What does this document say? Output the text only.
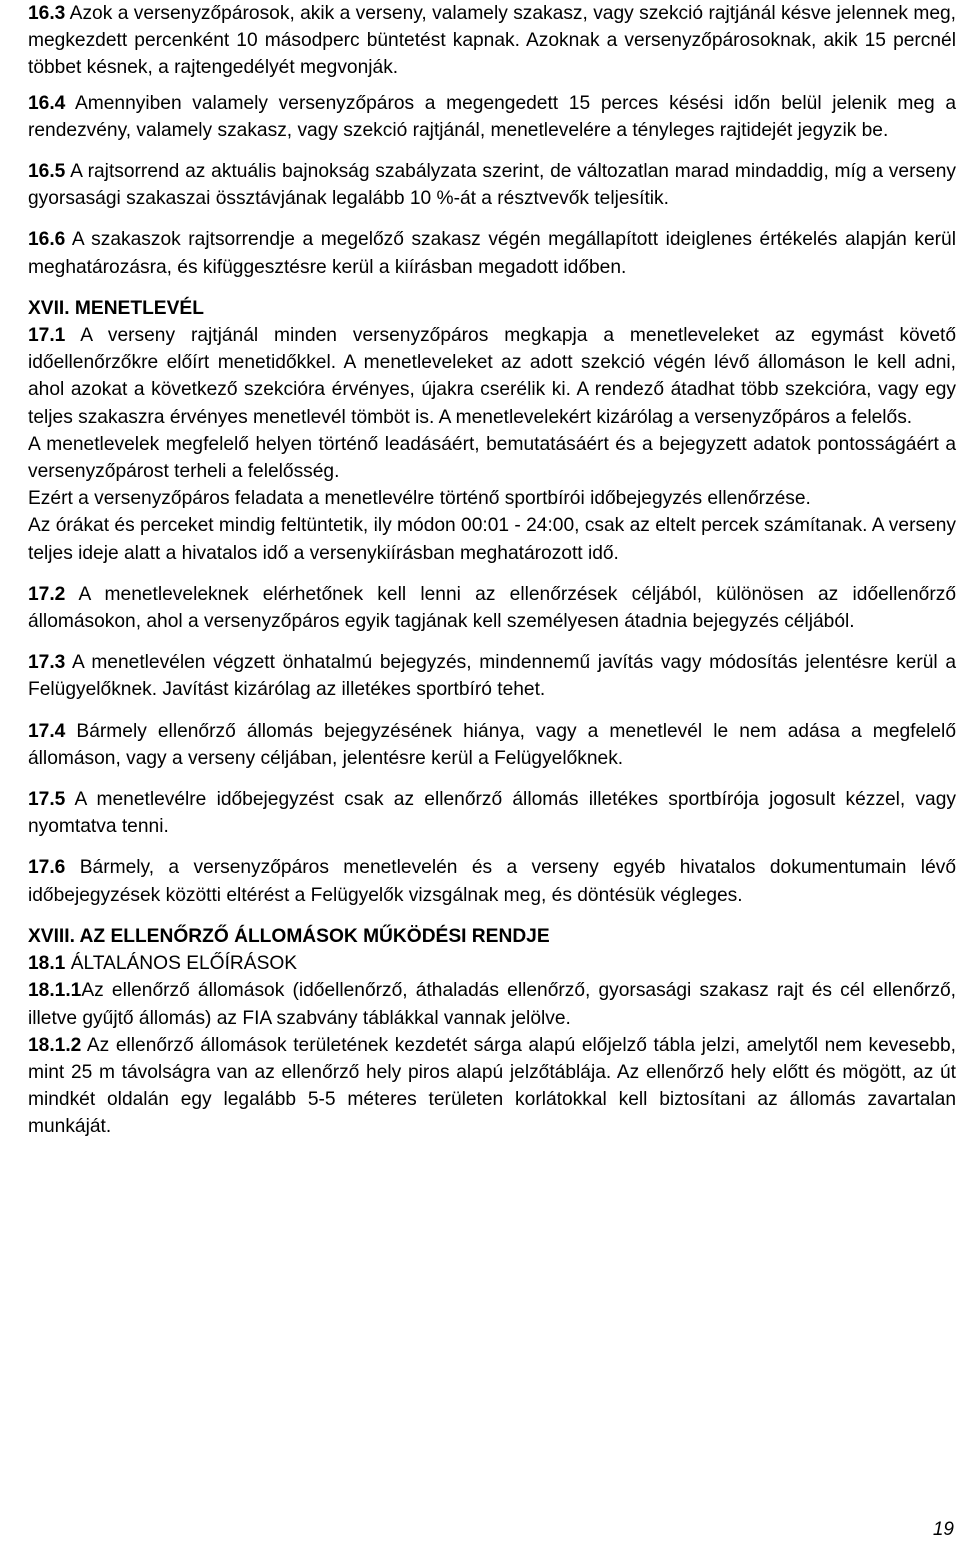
16.3 Azok a versenyzőpárosok, akik a verseny, valamely szakasz, vagy szekció rajtjánál késve jelennek meg, megkezdett percenként 10 másodperc büntetést kapnak. Azoknak a versenyzőpárosoknak, akik 15 percnél többet késnek, a rajtengedélyét megvonják.

16.4 Amennyiben valamely versenyzőpáros a megengedett 15 perces késési időn belül jelenik meg a rendezvény, valamely szakasz, vagy szekció rajtjánál, menetlevelére a tényleges rajtidejét jegyzik be.

16.5 A rajtsorrend az aktuális bajnokság szabályzata szerint, de változatlan marad mindaddig, míg a verseny gyorsasági szakaszai össztávjának legalább 10 %-át a résztvevők teljesítik.

16.6 A szakaszok rajtsorrendje a megelőző szakasz végén megállapított ideiglenes értékelés alapján kerül meghatározásra, és kifüggesztésre kerül a kiírásban megadott időben.

XVII. MENETLEVÉL

17.1 A verseny rajtjánál minden versenyzőpáros megkapja a menetleveleket az egymást követő időellenőrzőkre előírt menetidőkkel. A menetleveleket az adott szekció végén lévő állomáson le kell adni, ahol azokat a következő szekcióra érvényes, újakra cserélik ki. A rendező átadhat több szekcióra, vagy egy teljes szakaszra érvényes menetlevél tömböt is. A menetlevelekért kizárólag a versenyzőpáros a felelős.

A menetlevelek megfelelő helyen történő leadásáért, bemutatásáért és a bejegyzett adatok pontosságáért a versenyzőpárost terheli a felelősség.

Ezért a versenyzőpáros feladata a menetlevélre történő sportbírói időbejegyzés ellenőrzése.

Az órákat és perceket mindig feltüntetik, ily módon 00:01 - 24:00, csak az eltelt percek számítanak. A verseny teljes ideje alatt a hivatalos idő a versenykiírásban meghatározott idő.

17.2 A menetleveleknek elérhetőnek kell lenni az ellenőrzések céljából, különösen az időellenőrző állomásokon, ahol a versenyzőpáros egyik tagjának kell személyesen átadnia bejegyzés céljából.

17.3 A menetlevélen végzett önhatalmú bejegyzés, mindennemű javítás vagy módosítás jelentésre kerül a Felügyelőknek. Javítást kizárólag az illetékes sportbíró tehet.

17.4 Bármely ellenőrző állomás bejegyzésének hiánya, vagy a menetlevél le nem adása a megfelelő állomáson, vagy a verseny céljában, jelentésre kerül a Felügyelőknek.

17.5 A menetlevélre időbejegyzést csak az ellenőrző állomás illetékes sportbírója jogosult kézzel, vagy nyomtatva tenni.

17.6 Bármely, a versenyzőpáros menetlevelén és a verseny egyéb hivatalos dokumentumain lévő időbejegyzések közötti eltérést a Felügyelők vizsgálnak meg, és döntésük végleges.

XVIII. AZ ELLENŐRZŐ ÁLLOMÁSOK MŰKÖDÉSI RENDJE

18.1 ÁLTALÁNOS ELŐÍRÁSOK

18.1.1Az ellenőrző állomások (időellenőrző, áthaladás ellenőrző, gyorsasági szakasz rajt és cél ellenőrző, illetve gyűjtő állomás) az FIA szabvány táblákkal vannak jelölve.

18.1.2 Az ellenőrző állomások területének kezdetét sárga alapú előjelző tábla jelzi, amelytől nem kevesebb, mint 25 m távolságra van az ellenőrző hely piros alapú jelzőtáblája. Az ellenőrző hely előtt és mögött, az út mindkét oldalán egy legalább 5-5 méteres területen korlátokkal kell biztosítani az állomás zavartalan munkáját.

19
